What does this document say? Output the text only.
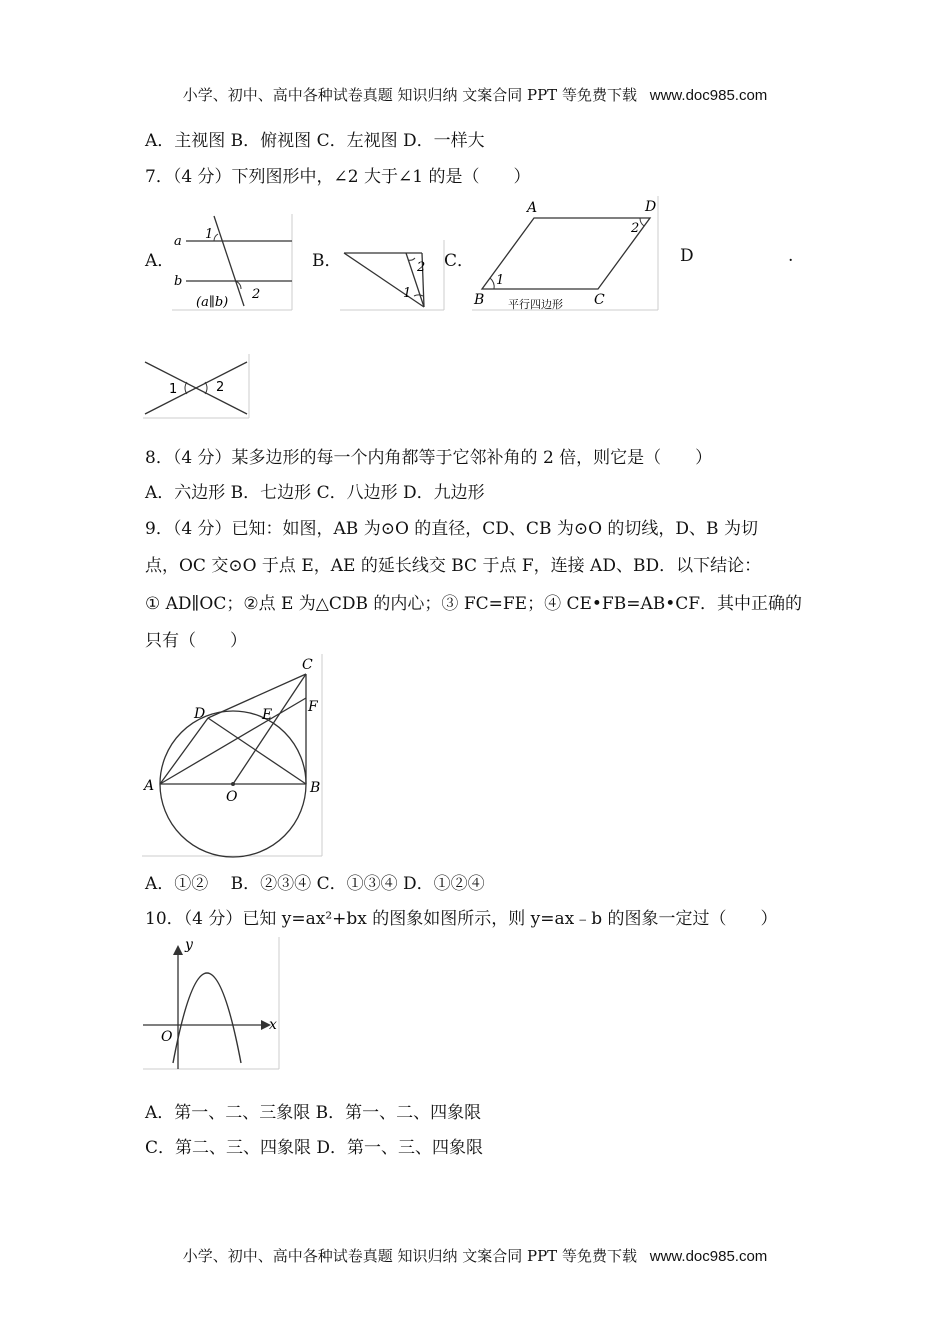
小学、初中、高中各种试卷真题 知识归纳 文案合同 PPT 等免费下载 www.doc985.com
A．主视图 B．俯视图 C．左视图 D．一样大
7．（4 分）下列图形中，∠2 大于∠1 的是（　　）
A．
a
b
1
2
(a∥b)
B．	2
1
C．
A	D
B	C
1
2
平行四边形
D	.
1	2
8．（4 分）某多边形的每一个内角都等于它邻补角的 2 倍，则它是（　　）
A．六边形 B．七边形 C．八边形 D．九边形
9．（4 分）已知：如图，AB 为⊙O 的直径，CD、CB 为⊙O 的切线，D、B 为切
点，OC 交⊙O 于点 E，AE 的延长线交 BC 于点 F，连接 AD、BD．以下结论：
① AD∥OC；②点 E 为△CDB 的内心；③ FC=FE；④ CE•FB=AB•CF．其中正确的
只有（　　）
C
D	E	F
A	B
O
A．①②　 B．②③④ C．①③④ D．①②④
10．（4 分）已知 y=ax²+bx 的图象如图所示，则 y=ax﹣b 的图象一定过（　　）
y
x
O
A．第一、二、三象限 B．第一、二、四象限
C．第二、三、四象限 D．第一、三、四象限
小学、初中、高中各种试卷真题 知识归纳 文案合同 PPT 等免费下载 www.doc985.com
